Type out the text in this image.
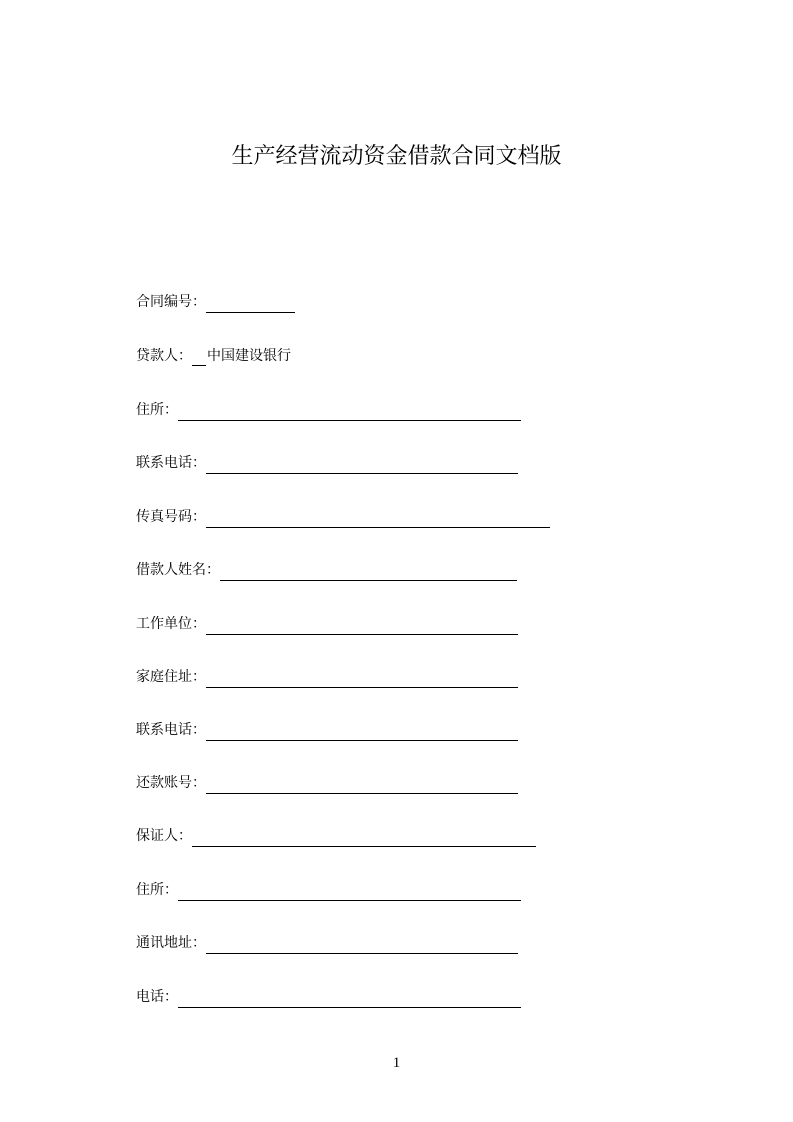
生产经营流动资金借款合同文档版
合同编号：
贷款人： 中国建设银行
住所：
联系电话：
传真号码：
借款人姓名：
工作单位：
家庭住址：
联系电话：
还款账号：
保证人：
住所：
通讯地址：
电话：
1
